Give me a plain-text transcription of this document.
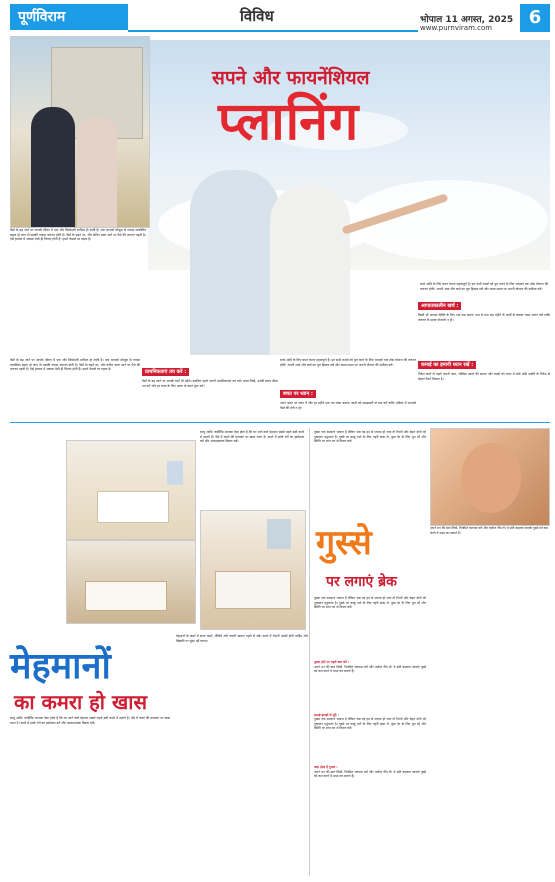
पूर्णविराम	विविध	भोपाल 11 अगस्त, 2025
www.purnviram.com	6
सपने और फायनेंशियल
प्लानिंग
पैसों के बढ़ जाने पर आपके जीवन में एक और जिम्मेदारी शामिल हो जाती है। जब आपको मौजूदा से ज्यादा व्यवस्थित बढ़ता हो जाए तो उसकी ज्यादा जरूरत होती है। पैसों के बढ़ने पर, और कठिन वक्त आने पर पैसे की जरूरत पड़ती है। ऐसे हालात में अक्सर ऐसी ही चिंताएं होती हैं। हमारे फैसले पर पड़ता है।
बच्चे आदि के लिए बचत करना महत्वपूर्ण है। इन सभी लक्ष्यों को पूरा करने के लिए आपको एक ठोस योजना की जरूरत होगी। अपनी आय और खर्च का पूरा हिसाब रखें और समय-समय पर अपनी योजना की समीक्षा करें।
पैसों के बढ़ जाने पर आपके जीवन में एक और जिम्मेदारी शामिल हो जाती है। जब आपको मौजूदा से ज्यादा व्यवस्थित बढ़ता हो जाए तो उसकी ज्यादा जरूरत होती है। पैसों के बढ़ने पर, और कठिन वक्त आने पर पैसे की जरूरत पड़ती है। ऐसे हालात में अक्सर ऐसी ही चिंताएं होती हैं। हमारे फैसले पर पड़ता है।	प्राथमिकताएं तय करें :
पैसों के बढ़ जाने पर आपके खर्चे भी बढ़ेंगे। इसलिए पहले अपनी प्राथमिकताएं तय करें। लक्ष्य लिखें, उनकी समय सीमा तय करें और हर लक्ष्य के लिए अलग से बचत शुरू करें।
बच्चे आदि के लिए बचत करना महत्वपूर्ण है। इन सभी लक्ष्यों को पूरा करने के लिए आपको एक ठोस योजना की जरूरत होगी। अपनी आय और खर्च का पूरा हिसाब रखें और समय-समय पर अपनी योजना की समीक्षा करें।
बचत पर ध्यान :
अपने बजट पर ध्यान दें और हर महीने एक तय रकम बचाएं। खर्चों को समझदारी से कम करें ताकि भविष्य में आपको पैसों की तंगी न हो।
आपातकालीन खर्च :
किसी भी आपात स्थिति के लिए एक फंड बनाएं। कम से कम छह महीने के खर्चों के बराबर रकम अलग रखें ताकि जरूरत के समय परेशानी न हो।
कमाई का इमानी ध्यान रखें :
निवेश करने से पहले अपनी आय, जोखिम उठाने की क्षमता और लक्ष्यों को ध्यान में रखें। लंबी अवधि के निवेश से बेहतर रिटर्न मिलता है।
बच्चू आदि। कार्डिगैंड आपका ऐसा होता है कि घर आने वाले मेहमान सबसे पहले उसी कमरे में ठहरते हैं। ऐसे में कमरे की सजावट पर खास ध्यान दें। कमरे में हल्के रंगों का इस्तेमाल करें और आरामदायक बिस्तर रखें।
मेहमानों
का कमरा हो खास
बच्चू आदि। कार्डिगैंड आपका ऐसा होता है कि घर आने वाले मेहमान सबसे पहले उसी कमरे में ठहरते हैं। ऐसे में कमरे की सजावट पर खास ध्यान दें। कमरे में हल्के रंगों का इस्तेमाल करें और आरामदायक बिस्तर रखें।
मेहमानों के कमरे में साफ चादरें, तौलिये और जरूरी सामान पहले से रखें। कमरे में रोशनी अच्छी होनी चाहिए और खिड़की पर सुंदर पर्दे लगाएं।
गुस्सा एक सामान्य भावना है लेकिन जब यह हद से ज्यादा हो जाए तो रिश्तों और सेहत दोनों को नुकसान पहुंचाता है। गुस्से पर काबू पाने के लिए गहरी सांस लें, कुछ देर के लिए चुप रहें और स्थिति पर शांत मन से विचार करें।
गुस्से
पर लगाएं ब्रेक
अपने मन की बात लिखें, नियमित व्यायाम करें और पर्याप्त नींद लें। ये छोटे बदलाव आपके गुस्से को कम करने में मदद कर सकते हैं।
गुस्सा एक सामान्य भावना है लेकिन जब यह हद से ज्यादा हो जाए तो रिश्तों और सेहत दोनों को नुकसान पहुंचाता है। गुस्से पर काबू पाने के लिए गहरी सांस लें, कुछ देर के लिए चुप रहें और स्थिति पर शांत मन से विचार करें।
गुस्सा होने पर पहले क्या करें :
अपने मन की बात लिखें, नियमित व्यायाम करें और पर्याप्त नींद लें। ये छोटे बदलाव आपके गुस्से को कम करने में मदद कर सकते हैं।
लड़ाई-झगड़ों से दूरी :
गुस्सा एक सामान्य भावना है लेकिन जब यह हद से ज्यादा हो जाए तो रिश्तों और सेहत दोनों को नुकसान पहुंचाता है। गुस्से पर काबू पाने के लिए गहरी सांस लें, कुछ देर के लिए चुप रहें और स्थिति पर शांत मन से विचार करें।
कहां होता है गुस्सा :
अपने मन की बात लिखें, नियमित व्यायाम करें और पर्याप्त नींद लें। ये छोटे बदलाव आपके गुस्से को कम करने में मदद कर सकते हैं।
